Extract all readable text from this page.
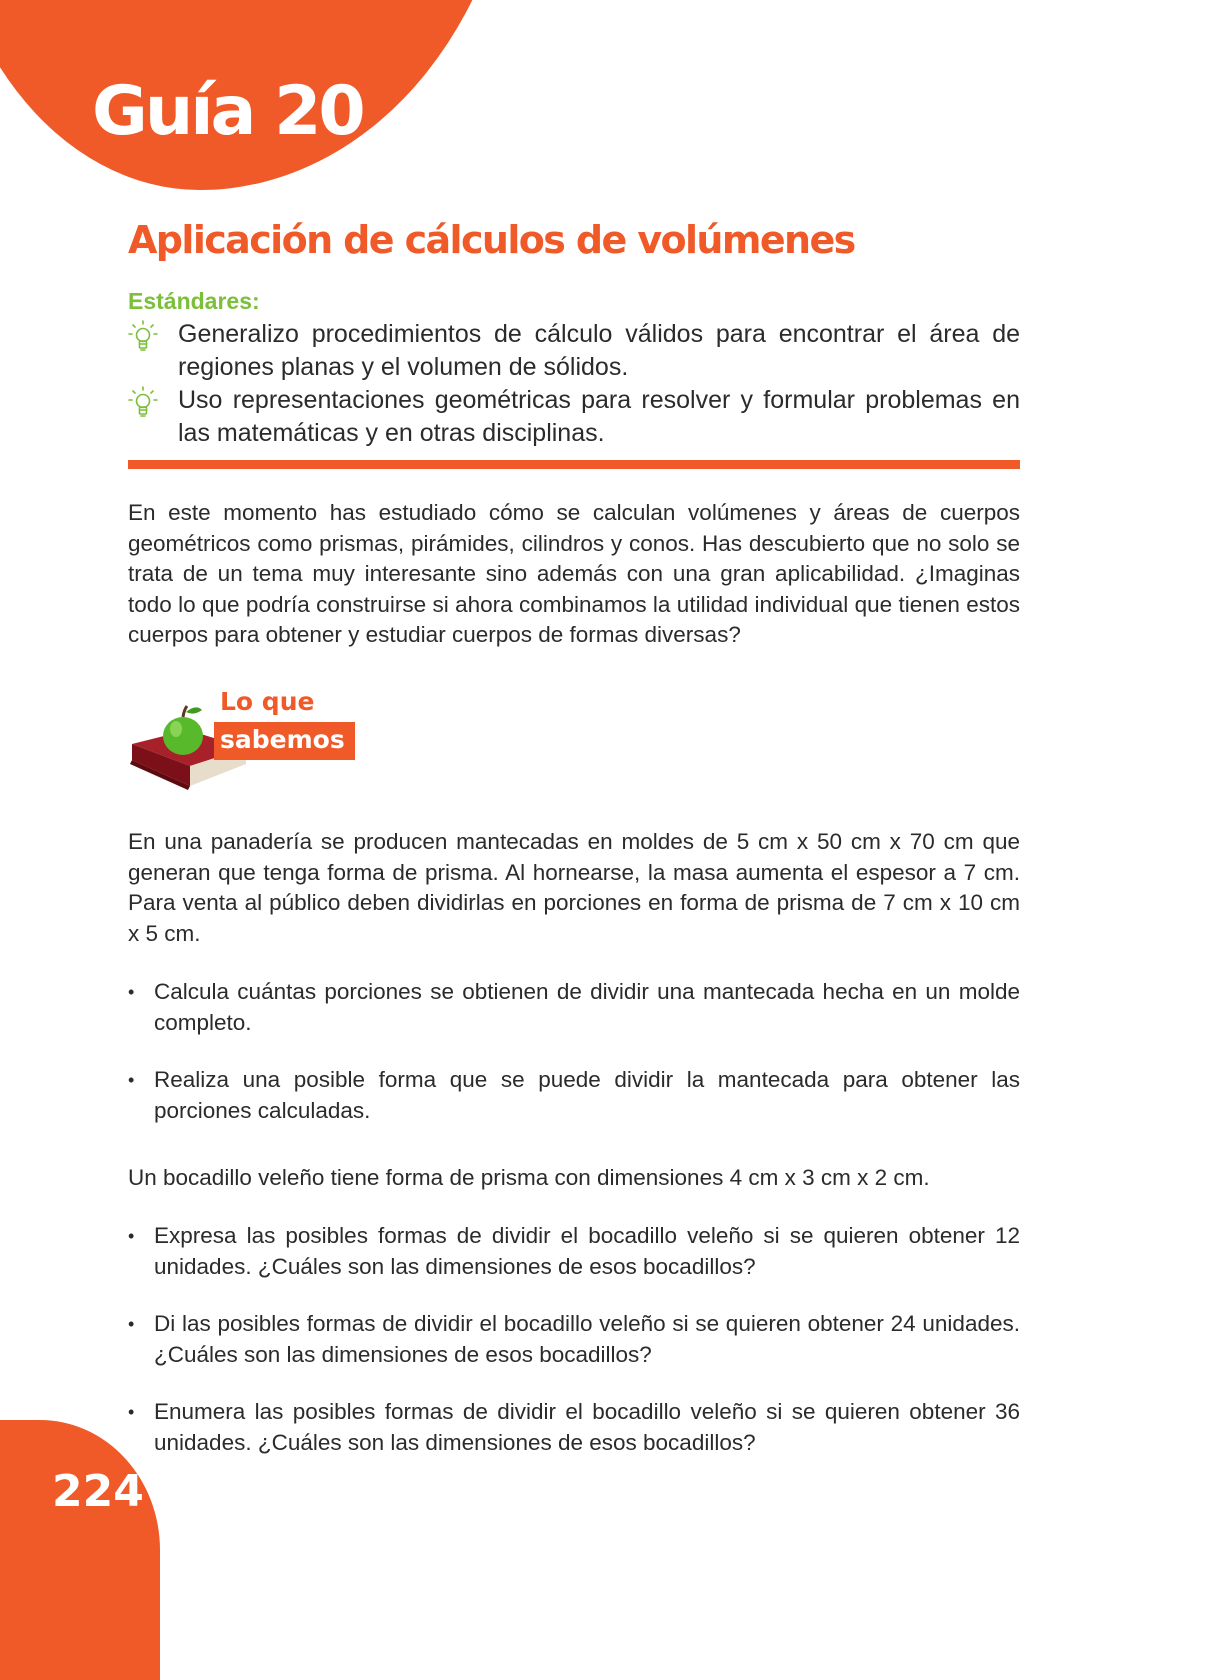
Guía 20
Aplicación de cálculos de volúmenes
Estándares:
Generalizo procedimientos de cálculo válidos para encontrar el área de regiones planas y el volumen de sólidos.
Uso representaciones geométricas para resolver y formular problemas en las matemáticas y en otras disciplinas.

En este momento has estudiado cómo se calculan volúmenes y áreas de cuerpos geométricos como prismas, pirámides, cilindros y conos. Has descubierto que no solo se trata de un tema muy interesante sino además con una gran aplicabilidad. ¿Imaginas todo lo que podría construirse si ahora combinamos la utilidad individual que tienen estos cuerpos para obtener y estudiar cuerpos de formas diversas?

Lo que
sabemos

En una panadería se producen mantecadas en moldes de 5 cm x 50 cm x 70 cm que generan que tenga forma de prisma. Al hornearse, la masa aumenta el espesor a 7 cm. Para venta al público deben dividirlas en porciones en forma de prisma de 7 cm x 10 cm x 5 cm.

• Calcula cuántas porciones se obtienen de dividir una mantecada hecha en un molde completo.
• Realiza una posible forma que se puede dividir la mantecada para obtener las porciones calculadas.

Un bocadillo veleño tiene forma de prisma con dimensiones 4 cm x 3 cm x 2 cm.

• Expresa las posibles formas de dividir el bocadillo veleño si se quieren obtener 12 unidades. ¿Cuáles son las dimensiones de esos bocadillos?
• Di las posibles formas de dividir el bocadillo veleño si se quieren obtener 24 unidades. ¿Cuáles son las dimensiones de esos bocadillos?
• Enumera las posibles formas de dividir el bocadillo veleño si se quieren obtener 36 unidades. ¿Cuáles son las dimensiones de esos bocadillos?

224
